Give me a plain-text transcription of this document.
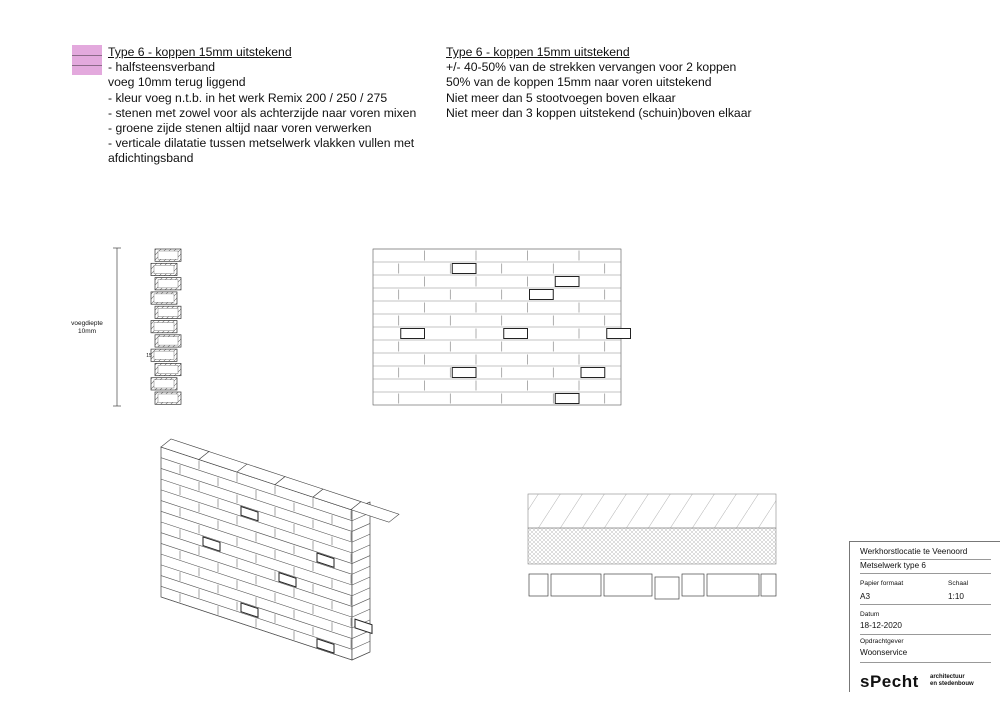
Type 6 - koppen 15mm uitstekend
- halfsteensverband
voeg 10mm terug liggend
- kleur voeg n.t.b. in het werk Remix 200 / 250 / 275
- stenen met zowel voor als achterzijde naar voren mixen
- groene zijde stenen altijd naar voren verwerken
- verticale dilatatie tussen metselwerk vlakken vullen met
afdichtingsband
Type 6 - koppen 15mm uitstekend
+/- 40-50% van de strekken vervangen voor 2 koppen
50% van de koppen 15mm naar voren uitstekend
Niet meer dan 5 stootvoegen boven elkaar
Niet meer dan 3 koppen uitstekend (schuin)boven elkaar
voegdiepte
10mm
15
Werkhorstlocatie te Veenoord
Metselwerk type 6
Papier formaat	Schaal
A3	1:10
Datum
18-12-2020
Opdrachtgever
Woonservice
sPecht architectuur
en stedenbouw
